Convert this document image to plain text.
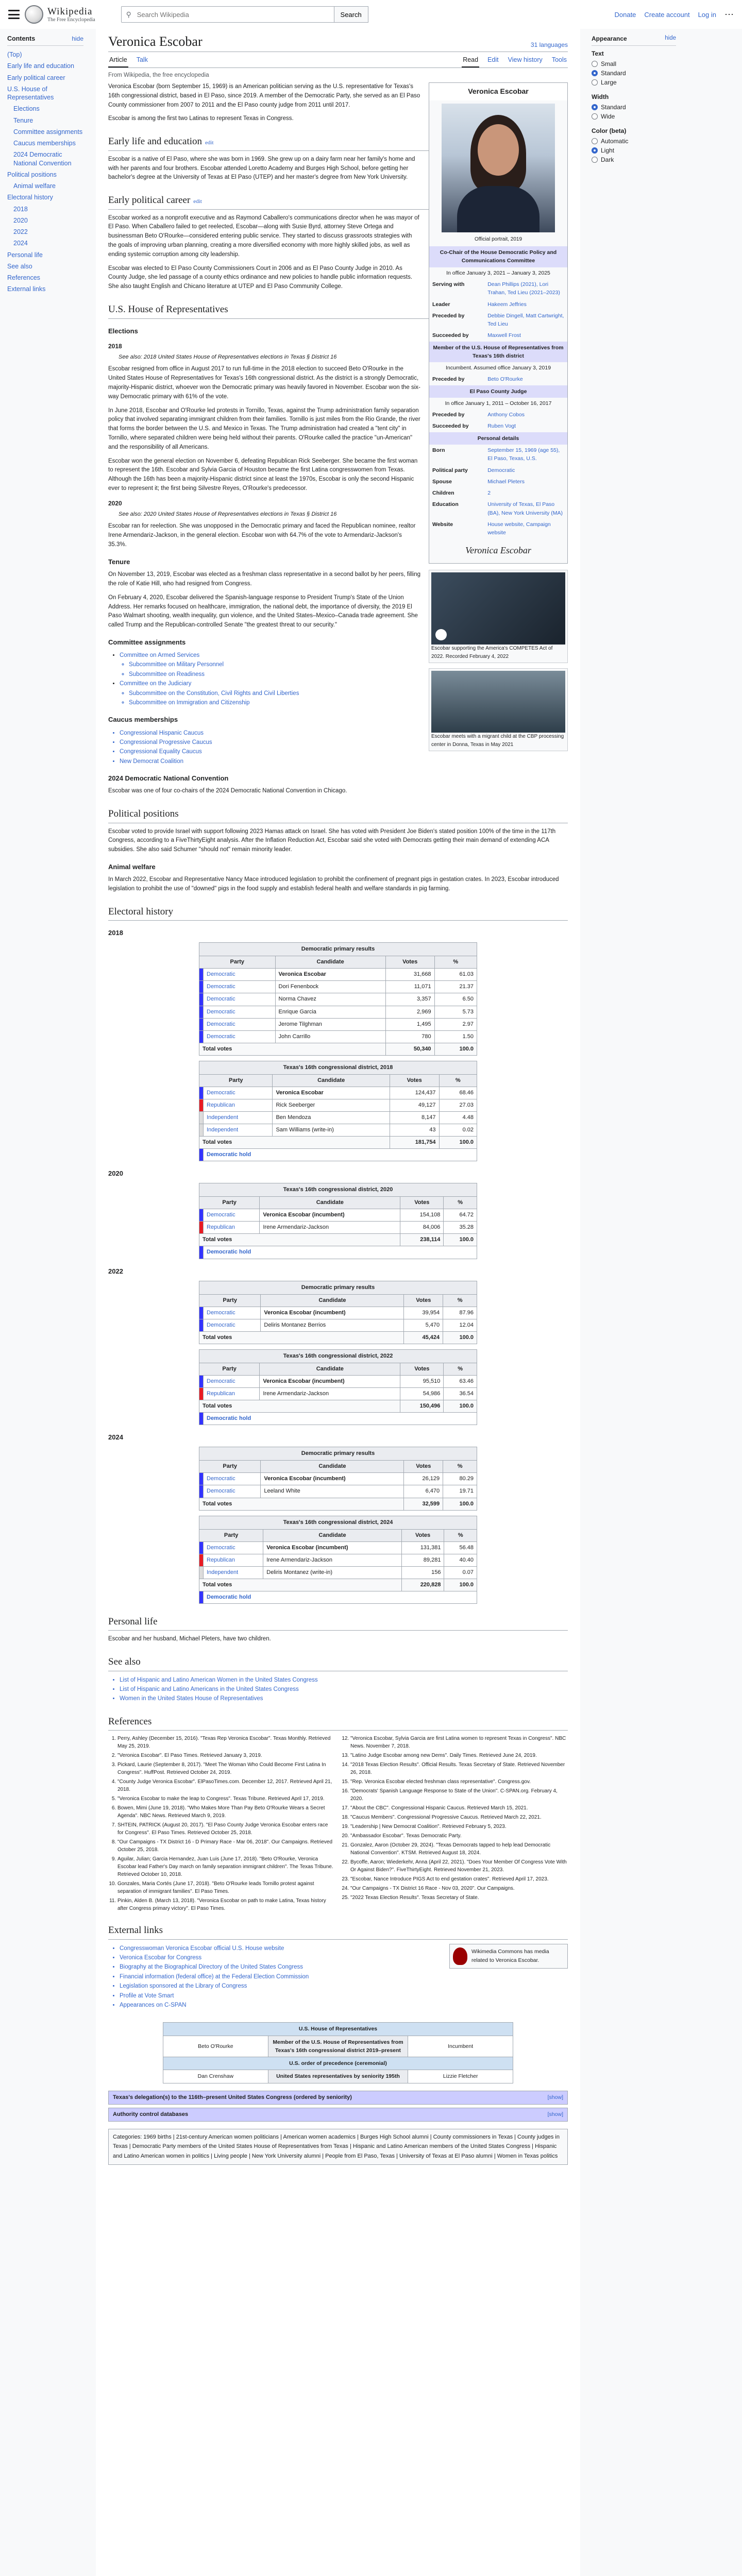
Wikipedia
The Free Encyclopedia
⚲
Search Wikipedia	Search	Donate Create account Log in ⋯
Contents	hide
(Top)
Early life and education
Early political career
U.S. House of Representatives
Elections
Tenure
Committee assignments
Caucus memberships
2024 Democratic National Convention
Political positions
Animal welfare
Electoral history
2018
2020
2022
2024
Personal life
See also
References
External links
Veronica Escobar	31 languages
Article Talk	Read Edit View history Tools
From Wikipedia, the free encyclopedia
Veronica Escobar
Official portrait, 2019
Co-Chair of the House Democratic Policy and Communications Committee
In office January 3, 2021 – January 3, 2025
Serving with	Dean Phillips (2021), Lori Trahan, Ted Lieu (2021–2023)
Leader	Hakeem Jeffries
Preceded by	Debbie Dingell, Matt Cartwright, Ted Lieu
Succeeded by	Maxwell Frost
Member of the U.S. House of Representatives from Texas's 16th district
Incumbent. Assumed office January 3, 2019
Preceded by	Beto O'Rourke
El Paso County Judge
In office January 1, 2011 – October 16, 2017
Preceded by	Anthony Cobos
Succeeded by	Ruben Vogt
Personal details
Born	September 15, 1969 (age 55), El Paso, Texas, U.S.
Political party	Democratic
Spouse	Michael Pleters
Children	2
Education	University of Texas, El Paso (BA), New York University (MA)
Website	House website, Campaign website
Veronica Escobar

Veronica Escobar (born September 15, 1969) is an American politician serving as the U.S. representative for Texas's 16th congressional district, based in El Paso, since 2019. A member of the Democratic Party, she served as an El Paso County commissioner from 2007 to 2011 and the El Paso county judge from 2011 until 2017.

Escobar is among the first two Latinas to represent Texas in Congress.

Early life and education edit

Escobar is a native of El Paso, where she was born in 1969. She grew up on a dairy farm near her family's home and with her parents and four brothers. Escobar attended Loretto Academy and Burges High School, before getting her bachelor's degree at the University of Texas at El Paso (UTEP) and her master's degree from New York University.

Early political career edit

Escobar worked as a nonprofit executive and as Raymond Caballero's communications director when he was mayor of El Paso. When Caballero failed to get reelected, Escobar—along with Susie Byrd, attorney Steve Ortega and businessman Beto O'Rourke—considered entering public service. They started to discuss grassroots strategies with the goals of improving urban planning, creating a more diversified economy with more highly skilled jobs, as well as ending systemic corruption among city leadership.

Escobar was elected to El Paso County Commissioners Court in 2006 and as El Paso County Judge in 2010. As County Judge, she led passage of a county ethics ordinance and new policies to handle public information requests. She also taught English and Chicano literature at UTEP and El Paso Community College.

U.S. House of Representatives
Elections
2018
See also: 2018 United States House of Representatives elections in Texas § District 16

Escobar resigned from office in August 2017 to run full-time in the 2018 election to succeed Beto O'Rourke in the United States House of Representatives for Texas's 16th congressional district. As the district is a strongly Democratic, majority-Hispanic district, whoever won the Democratic primary was heavily favored in November. Escobar won the six-way Democratic primary with 61% of the vote.

Escobar supporting the America's COMPETES Act of 2022. Recorded February 4, 2022

In June 2018, Escobar and O'Rourke led protests in Tornillo, Texas, against the Trump administration family separation policy that involved separating immigrant children from their families. Tornillo is just miles from the Rio Grande, the river that forms the border between the U.S. and Mexico in Texas. The Trump administration had created a "tent city" in Tornillo, where separated children were being held without their parents. O'Rourke called the practice "un-American" and the responsibility of all Americans.

Escobar won the general election on November 6, defeating Republican Rick Seeberger. She became the first woman to represent the 16th. Escobar and Sylvia Garcia of Houston became the first Latina congresswomen from Texas. Although the 16th has been a majority-Hispanic district since at least the 1970s, Escobar is only the second Hispanic ever to represent it; the first being Silvestre Reyes, O'Rourke's predecessor.

2020
See also: 2020 United States House of Representatives elections in Texas § District 16

Escobar ran for reelection. She was unopposed in the Democratic primary and faced the Republican nominee, realtor Irene Armendariz-Jackson, in the general election. Escobar won with 64.7% of the vote to Armendariz-Jackson's 35.3%.

Tenure
Escobar meets with a migrant child at the CBP processing center in Donna, Texas in May 2021

On November 13, 2019, Escobar was elected as a freshman class representative in a second ballot by her peers, filling the role of Katie Hill, who had resigned from Congress.

On February 4, 2020, Escobar delivered the Spanish-language response to President Trump's State of the Union Address. Her remarks focused on healthcare, immigration, the national debt, the importance of diversity, the 2019 El Paso Walmart shooting, wealth inequality, gun violence, and the United States–Mexico–Canada trade agreement. She called Trump and the Republican-controlled Senate "the greatest threat to our security."

Committee assignments
• Committee on Armed Services
◦ Subcommittee on Military Personnel
◦ Subcommittee on Readiness
• Committee on the Judiciary
◦ Subcommittee on the Constitution, Civil Rights and Civil Liberties
◦ Subcommittee on Immigration and Citizenship
Caucus memberships
• Congressional Hispanic Caucus
• Congressional Progressive Caucus
• Congressional Equality Caucus
• New Democrat Coalition
2024 Democratic National Convention

Escobar was one of four co-chairs of the 2024 Democratic National Convention in Chicago.

Political positions

Escobar voted to provide Israel with support following 2023 Hamas attack on Israel. She has voted with President Joe Biden's stated position 100% of the time in the 117th Congress, according to a FiveThirtyEight analysis. After the Inflation Reduction Act, Escobar said she voted with Democrats getting their main demand of extending ACA subsidies. She also said Schumer "should not" remain minority leader.

Animal welfare

In March 2022, Escobar and Representative Nancy Mace introduced legislation to prohibit the confinement of pregnant pigs in gestation crates. In 2023, Escobar introduced legislation to prohibit the use of "downed" pigs in the food supply and establish federal health and welfare standards in pig farming.

Electoral history
2018
Democratic primary results
Party		Candidate	Votes	%
	Democratic	Veronica Escobar	31,668	61.03
	Democratic	Dori Fenenbock	11,071	21.37
	Democratic	Norma Chavez	3,357	6.50
	Democratic	Enrique Garcia	2,969	5.73
	Democratic	Jerome Tilghman	1,495	2.97
	Democratic	John Carrillo	780	1.50
Total votes			50,340	100.0
Texas's 16th congressional district, 2018
Party		Candidate	Votes	%
	Democratic	Veronica Escobar	124,437	68.46
	Republican	Rick Seeberger	49,127	27.03
	Independent	Ben Mendoza	8,147	4.48
	Independent	Sam Williams (write-in)	43	0.02
Total votes			181,754	100.0
	Democratic hold			
2020
Texas's 16th congressional district, 2020
Party		Candidate	Votes	%
	Democratic	Veronica Escobar (incumbent)	154,108	64.72
	Republican	Irene Armendariz-Jackson	84,006	35.28
Total votes			238,114	100.0
	Democratic hold			
2022
Democratic primary results
Party		Candidate	Votes	%
	Democratic	Veronica Escobar (incumbent)	39,954	87.96
	Democratic	Deliris Montanez Berrios	5,470	12.04
Total votes			45,424	100.0
Texas's 16th congressional district, 2022
Party		Candidate	Votes	%
	Democratic	Veronica Escobar (incumbent)	95,510	63.46
	Republican	Irene Armendariz-Jackson	54,986	36.54
Total votes			150,496	100.0
	Democratic hold			
2024
Democratic primary results
Party		Candidate	Votes	%
	Democratic	Veronica Escobar (incumbent)	26,129	80.29
	Democratic	Leeland White	6,470	19.71
Total votes			32,599	100.0
Texas's 16th congressional district, 2024
Party		Candidate	Votes	%
	Democratic	Veronica Escobar (incumbent)	131,381	56.48
	Republican	Irene Armendariz-Jackson	89,281	40.40
	Independent	Deliris Montanez (write-in)	156	0.07
Total votes			220,828	100.0
	Democratic hold			
Personal life

Escobar and her husband, Michael Pleters, have two children.

See also
• List of Hispanic and Latino American Women in the United States Congress
• List of Hispanic and Latino Americans in the United States Congress
• Women in the United States House of Representatives
References
1. Perry, Ashley (December 15, 2016). "Texas Rep Veronica Escobar". Texas Monthly. Retrieved May 25, 2019.
2. "Veronica Escobar". El Paso Times. Retrieved January 3, 2019.
3. Pickard, Laurie (September 8, 2017). "Meet The Woman Who Could Become First Latina In Congress". HuffPost. Retrieved October 24, 2019.
4. "County Judge Veronica Escobar". ElPasoTimes.com. December 12, 2017. Retrieved April 21, 2018.
5. "Veronica Escobar to make the leap to Congress". Texas Tribune. Retrieved April 17, 2019.
6. Bowen, Mimi (June 19, 2018). "Who Makes More Than Pay Beto O'Rourke Wears a Secret Agenda". NBC News. Retrieved March 9, 2019.
7. SHTEIN, PATRICK (August 20, 2017). "El Paso County Judge Veronica Escobar enters race for Congress". El Paso Times. Retrieved October 25, 2018.
8. "Our Campaigns - TX District 16 - D Primary Race - Mar 06, 2018". Our Campaigns. Retrieved October 25, 2018.
9. Aguilar, Julian; Garcia Hernandez, Juan Luis (June 17, 2018). "Beto O'Rourke, Veronica Escobar lead Father's Day march on family separation immigrant children". The Texas Tribune. Retrieved October 10, 2018.
10. Gonzales, Maria Cortés (June 17, 2018). "Beto O'Rourke leads Tornillo protest against separation of immigrant families". El Paso Times.
11. Pinkin, Alden B. (March 13, 2018). "Veronica Escobar on path to make Latina, Texas history after Congress primary victory". El Paso Times.
12. "Veronica Escobar, Sylvia Garcia are first Latina women to represent Texas in Congress". NBC News. November 7, 2018.
13. "Latino Judge Escobar among new Dems". Daily Times. Retrieved June 24, 2019.
14. "2018 Texas Election Results". Official Results. Texas Secretary of State. Retrieved November 26, 2018.
15. "Rep. Veronica Escobar elected freshman class representative". Congress.gov.
16. "Democrats' Spanish Language Response to State of the Union". C-SPAN.org. February 4, 2020.
17. "About the CBC". Congressional Hispanic Caucus. Retrieved March 15, 2021.
18. "Caucus Members". Congressional Progressive Caucus. Retrieved March 22, 2021.
19. "Leadership | New Democrat Coalition". Retrieved February 5, 2023.
20. "Ambassador Escobar". Texas Democratic Party.
21. Gonzalez, Aaron (October 29, 2024). "Texas Democrats tapped to help lead Democratic National Convention". KTSM. Retrieved August 18, 2024.
22. Bycoffe, Aaron; Wiederkehr, Anna (April 22, 2021). "Does Your Member Of Congress Vote With Or Against Biden?". FiveThirtyEight. Retrieved November 21, 2023.
23. "Escobar, Nance Introduce PIGS Act to end gestation crates". Retrieved April 17, 2023.
24. "Our Campaigns - TX District 16 Race - Nov 03, 2020". Our Campaigns.
25. "2022 Texas Election Results". Texas Secretary of State.
External links
Wikimedia Commons has media related to Veronica Escobar.
• Congresswoman Veronica Escobar official U.S. House website
• Veronica Escobar for Congress
• Biography at the Biographical Directory of the United States Congress
• Financial information (federal office) at the Federal Election Commission
• Legislation sponsored at the Library of Congress
• Profile at Vote Smart
• Appearances on C-SPAN
U.S. House of Representatives		
Beto O'Rourke	Member of the U.S. House of Representatives from Texas's 16th congressional district 2019–present	Incumbent
U.S. order of precedence (ceremonial)		
Dan Crenshaw	United States representatives by seniority 195th	Lizzie Fletcher
Texas's delegation(s) to the 116th–present United States Congress (ordered by seniority)	[show]
Authority control databases	[show]
Categories: 1969 births | 21st-century American women politicians | American women academics | Burges High School alumni | County commissioners in Texas | County judges in Texas | Democratic Party members of the United States House of Representatives from Texas | Hispanic and Latino American members of the United States Congress | Hispanic and Latino American women in politics | Living people | New York University alumni | People from El Paso, Texas | University of Texas at El Paso alumni | Women in Texas politics
Appearance	hide
Text
Small
Standard
Large
Width
Standard
Wide
Color (beta)
Automatic
Light
Dark
